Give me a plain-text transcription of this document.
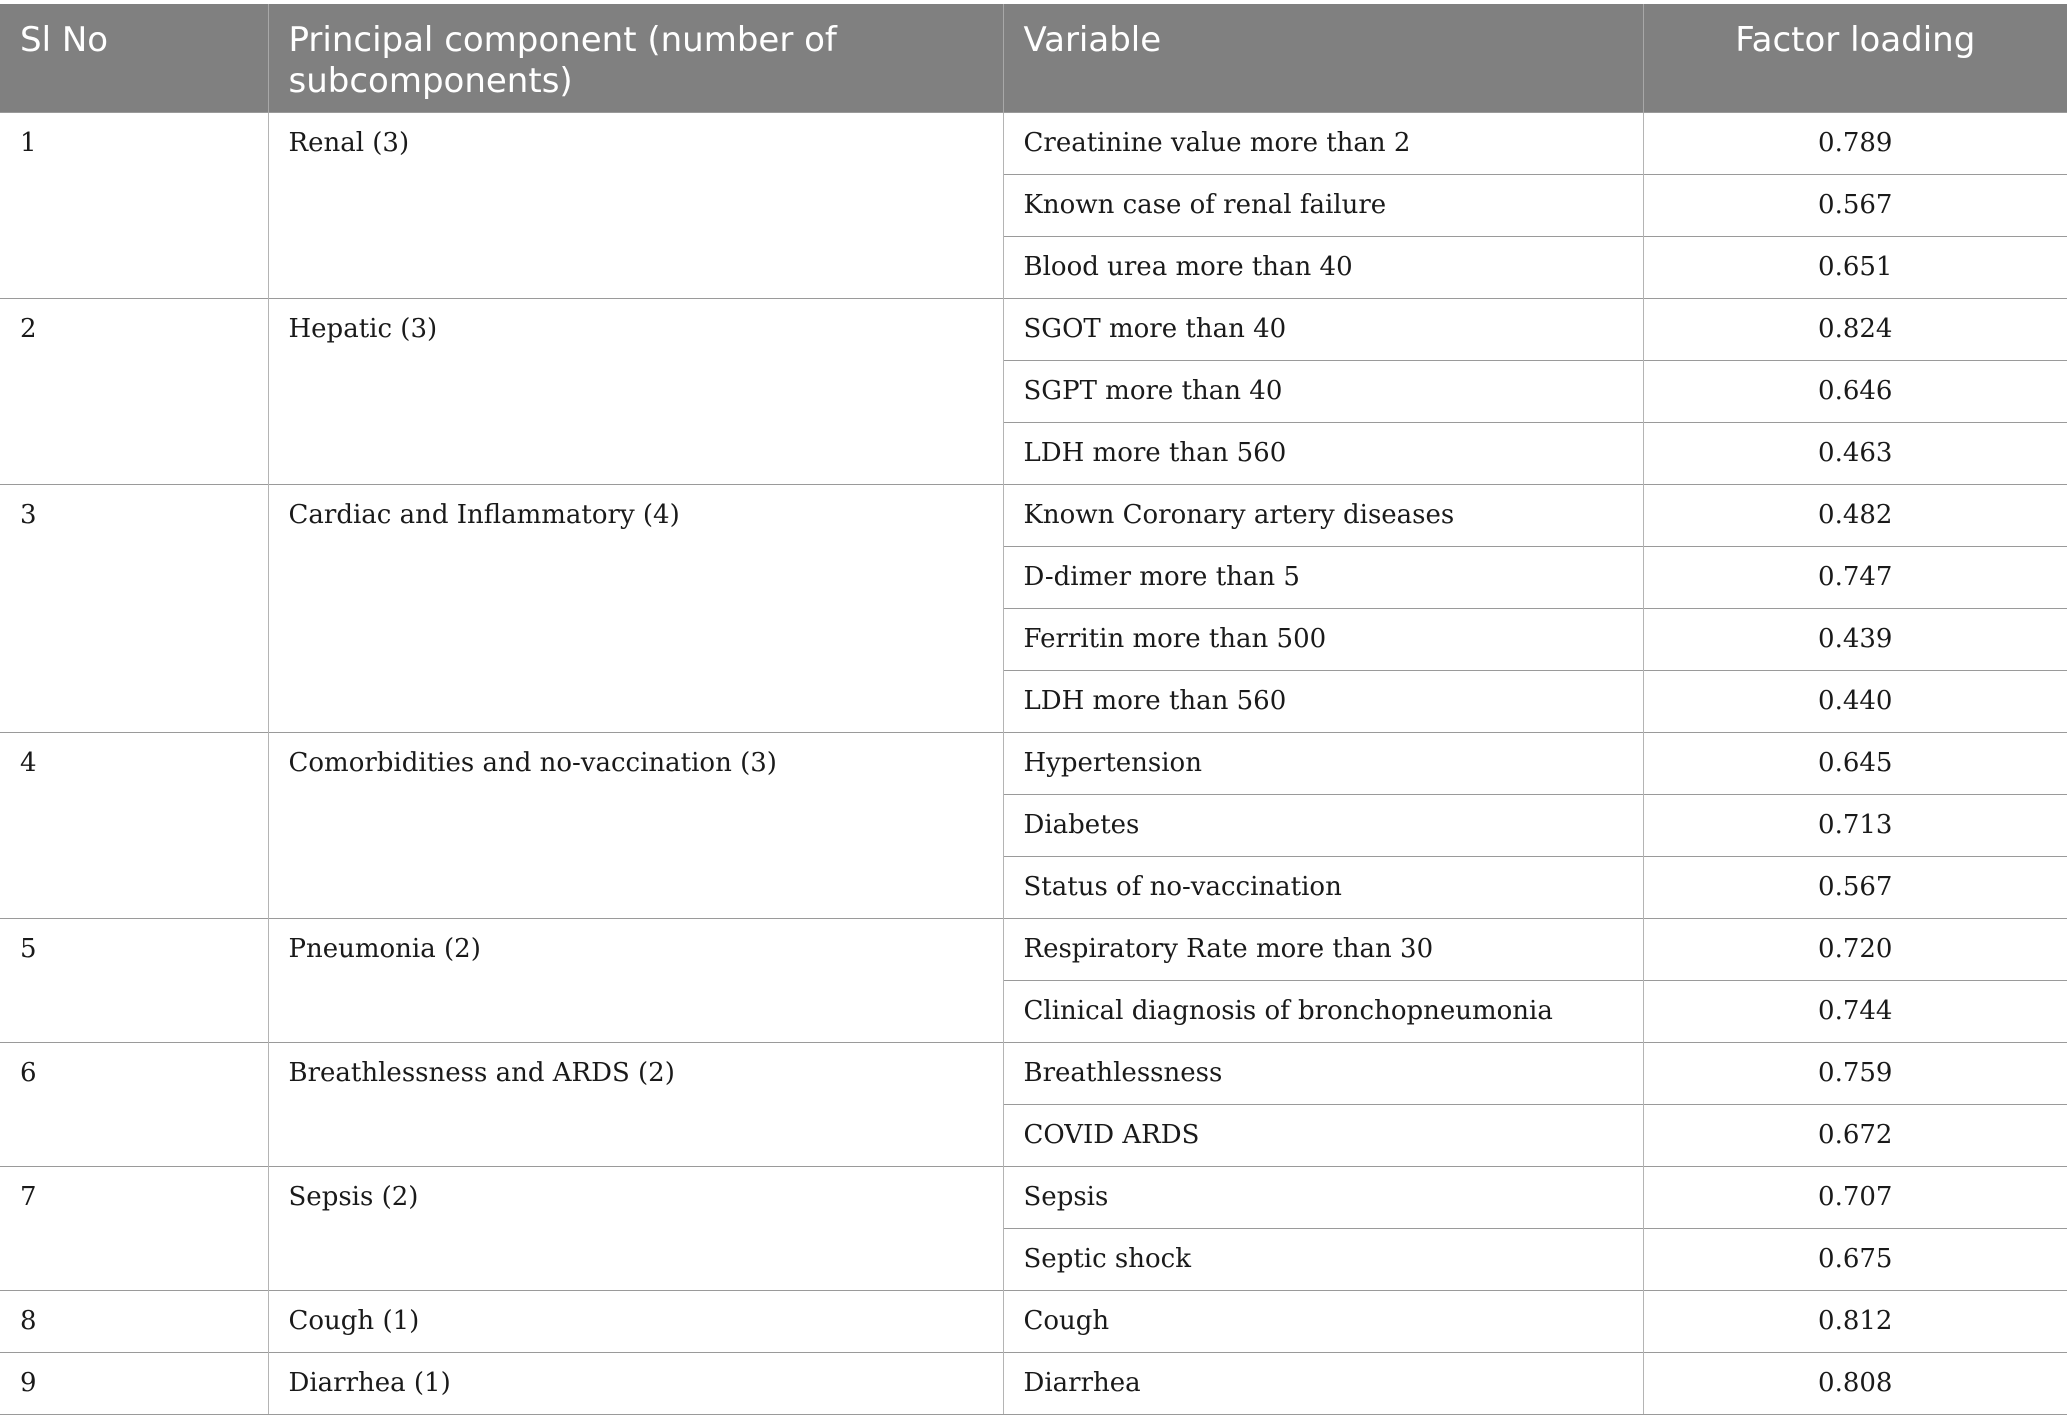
Sl No	Principal component (number of subcomponents)	Variable	Factor loading
1	Renal (3)	Creatinine value more than 2	0.789
		Known case of renal failure	0.567
		Blood urea more than 40	0.651
2	Hepatic (3)	SGOT more than 40	0.824
		SGPT more than 40	0.646
		LDH more than 560	0.463
3	Cardiac and Inflammatory (4)	Known Coronary artery diseases	0.482
		D-dimer more than 5	0.747
		Ferritin more than 500	0.439
		LDH more than 560	0.440
4	Comorbidities and no-vaccination (3)	Hypertension	0.645
		Diabetes	0.713
		Status of no-vaccination	0.567
5	Pneumonia (2)	Respiratory Rate more than 30	0.720
		Clinical diagnosis of bronchopneumonia	0.744
6	Breathlessness and ARDS (2)	Breathlessness	0.759
		COVID ARDS	0.672
7	Sepsis (2)	Sepsis	0.707
		Septic shock	0.675
8	Cough (1)	Cough	0.812
9	Diarrhea (1)	Diarrhea	0.808
